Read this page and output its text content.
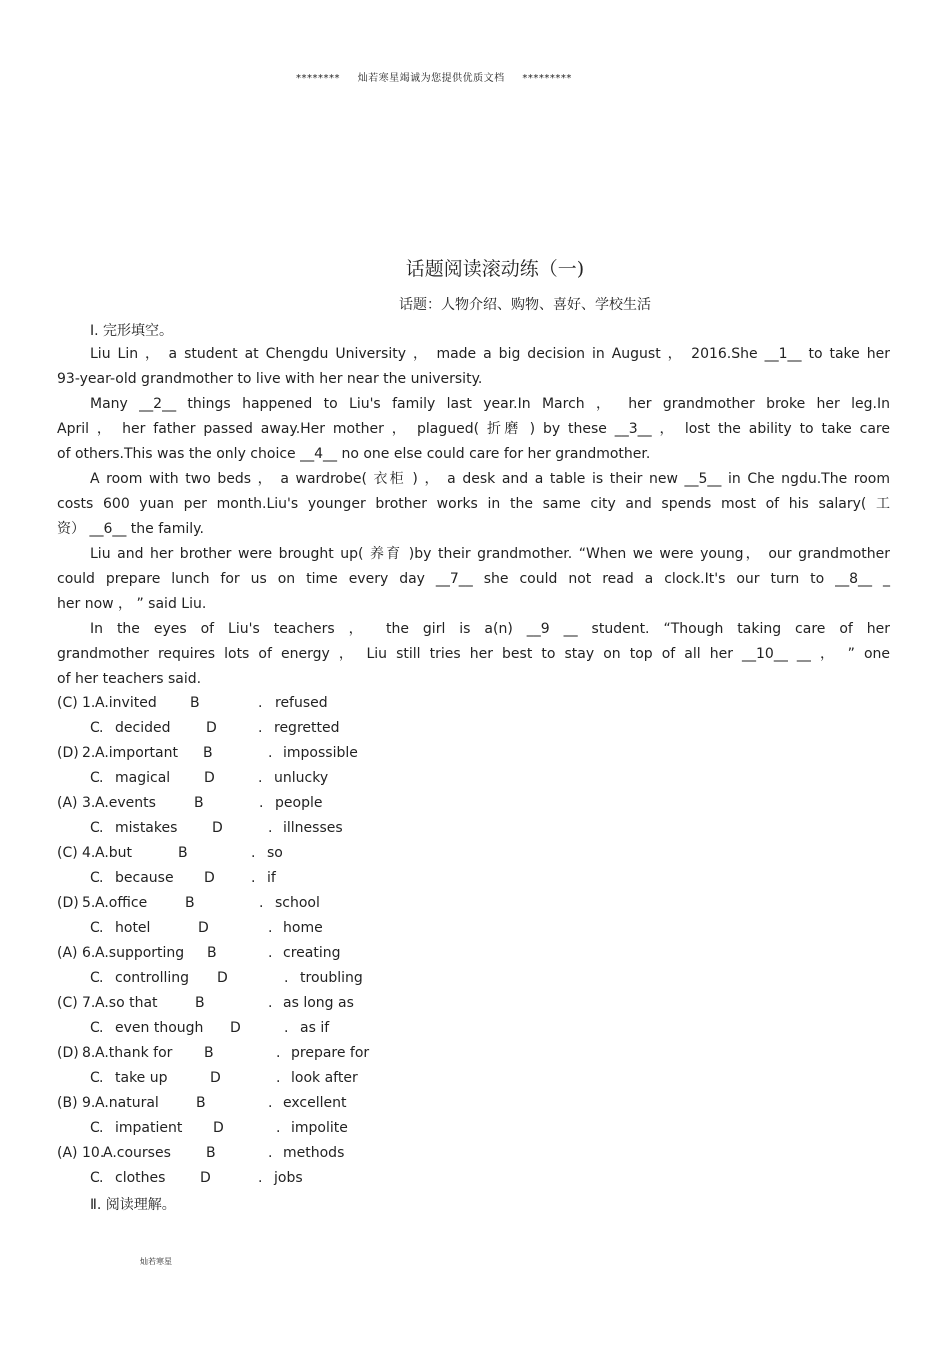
******** 灿若寒星竭诚为您提供优质文档 *********
话题阅读滚动练（一)
话题：人物介绍、购物、喜好、学校生活
Ⅰ. 完形填空。
Liu Lin ， a student at Chengdu University ， made a big decision in August ， 2016.She __1__ to take her
93-year-old grandmother to live with her near the university.
Many __2__ things happened to Liu's family last year.In March ， her grandmother broke her leg.In
April ， her father passed away.Her mother ， plagued( 折磨 ) by these __3__ ， lost the ability to take care
of others.This was the only choice __4__ no one else could care for her grandmother.
A room with two beds ， a wardrobe( 衣柜 ) ， a desk and a table is their new __5__ in Che ngdu.The room
costs 600 yuan per month.Liu's younger brother works in the same city and spends most of his salary( 工
资） __6__ the family.
Liu and her brother were brought up( 养育 )by their grandmother. “When we were young， our grandmother
could prepare lunch for us on time every day __7__ she could not read a clock.It's our turn to __8__ _
her now ， ” said Liu.
In the eyes of Liu's teachers ， the girl is a(n) __9 __ student. “Though taking care of her
grandmother requires lots of energy ， Liu still tries her best to stay on top of all her __10__ __ ， ” one
of her teachers said.
(C) 1. A.invited B	. refused
C . decided	D	. regretted
(D) 2. A.important B	. impossible
C . magical D	. unlucky
(A) 3. A.events	B	. people
C . mistakes D	. illnesses
(C) 4. A.but	B	. so
C . because D	. if
(D) 5. A.office	B	. school
C . hotel	D	. home
(A) 6. A.supporting B	. creating
C . controlling D	. troubling
(C) 7. A.so that	B	. as long as
C . even though D	. as if
(D) 8. A.thank for B	. prepare for
C . take up	D	. look after
(B) 9. A.natural	B	. excellent
C . impatient D	. impolite
(A) 10.
A.courses	B	. methods
C . clothes D	. jobs
Ⅱ. 阅读理解。
灿若寒星
